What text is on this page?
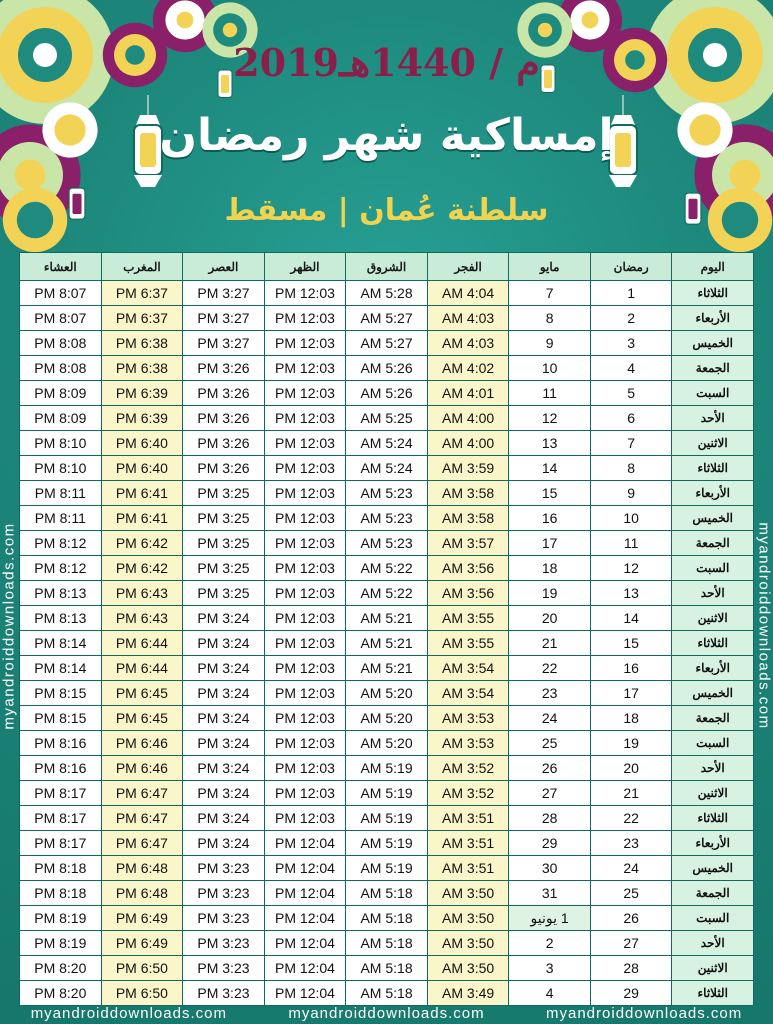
2019م / 1440هـ
إمساكية شهر رمضان
سلطنة عُمان | مسقط
myandroiddownloads.com	myandroiddownloads.com
اليوم	رمضان	مايو	الفجر	الشروق	الظهر	العصر	المغرب	العشاء
الثلاثاء	1	7	4:04 AM	5:28 AM	12:03 PM	3:27 PM	6:37 PM	8:07 PM
الأربعاء	2	8	4:03 AM	5:27 AM	12:03 PM	3:27 PM	6:37 PM	8:07 PM
الخميس	3	9	4:03 AM	5:27 AM	12:03 PM	3:27 PM	6:38 PM	8:08 PM
الجمعة	4	10	4:02 AM	5:26 AM	12:03 PM	3:26 PM	6:38 PM	8:08 PM
السبت	5	11	4:01 AM	5:26 AM	12:03 PM	3:26 PM	6:39 PM	8:09 PM
الأحد	6	12	4:00 AM	5:25 AM	12:03 PM	3:26 PM	6:39 PM	8:09 PM
الاثنين	7	13	4:00 AM	5:24 AM	12:03 PM	3:26 PM	6:40 PM	8:10 PM
الثلاثاء	8	14	3:59 AM	5:24 AM	12:03 PM	3:26 PM	6:40 PM	8:10 PM
الأربعاء	9	15	3:58 AM	5:23 AM	12:03 PM	3:25 PM	6:41 PM	8:11 PM
الخميس	10	16	3:58 AM	5:23 AM	12:03 PM	3:25 PM	6:41 PM	8:11 PM
الجمعة	11	17	3:57 AM	5:23 AM	12:03 PM	3:25 PM	6:42 PM	8:12 PM
السبت	12	18	3:56 AM	5:22 AM	12:03 PM	3:25 PM	6:42 PM	8:12 PM
الأحد	13	19	3:56 AM	5:22 AM	12:03 PM	3:25 PM	6:43 PM	8:13 PM
الاثنين	14	20	3:55 AM	5:21 AM	12:03 PM	3:24 PM	6:43 PM	8:13 PM
الثلاثاء	15	21	3:55 AM	5:21 AM	12:03 PM	3:24 PM	6:44 PM	8:14 PM
الأربعاء	16	22	3:54 AM	5:21 AM	12:03 PM	3:24 PM	6:44 PM	8:14 PM
الخميس	17	23	3:54 AM	5:20 AM	12:03 PM	3:24 PM	6:45 PM	8:15 PM
الجمعة	18	24	3:53 AM	5:20 AM	12:03 PM	3:24 PM	6:45 PM	8:15 PM
السبت	19	25	3:53 AM	5:20 AM	12:03 PM	3:24 PM	6:46 PM	8:16 PM
الأحد	20	26	3:52 AM	5:19 AM	12:03 PM	3:24 PM	6:46 PM	8:16 PM
الاثنين	21	27	3:52 AM	5:19 AM	12:03 PM	3:24 PM	6:47 PM	8:17 PM
الثلاثاء	22	28	3:51 AM	5:19 AM	12:03 PM	3:24 PM	6:47 PM	8:17 PM
الأربعاء	23	29	3:51 AM	5:19 AM	12:04 PM	3:24 PM	6:47 PM	8:17 PM
الخميس	24	30	3:51 AM	5:19 AM	12:04 PM	3:23 PM	6:48 PM	8:18 PM
الجمعة	25	31	3:50 AM	5:18 AM	12:04 PM	3:23 PM	6:48 PM	8:18 PM
السبت	26	1 يونيو	3:50 AM	5:18 AM	12:04 PM	3:23 PM	6:49 PM	8:19 PM
الأحد	27	2	3:50 AM	5:18 AM	12:04 PM	3:23 PM	6:49 PM	8:19 PM
الاثنين	28	3	3:50 AM	5:18 AM	12:04 PM	3:23 PM	6:50 PM	8:20 PM
الثلاثاء	29	4	3:49 AM	5:18 AM	12:04 PM	3:23 PM	6:50 PM	8:20 PM
myandroiddownloads.com	myandroiddownloads.com	myandroiddownloads.com
